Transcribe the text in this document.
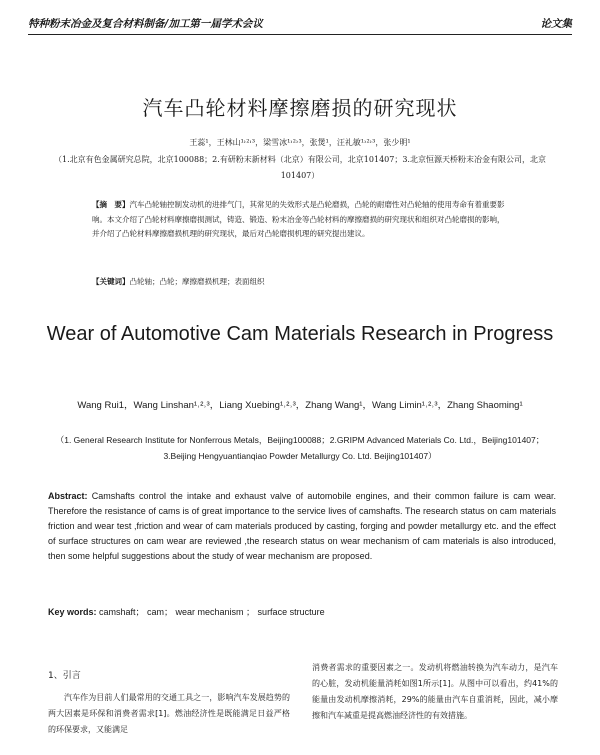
特种粉末冶金及复合材料制备/加工第一届学术会议	论文集
汽车凸轮材料摩擦磨损的研究现状
王蕊¹，王林山¹˒²˒³，梁雪冰¹˒²˒³，张煲¹，汪礼敏¹˒²˒³，张少明¹
（1.北京有色金属研究总院，北京100088；2.有研粉末新材料（北京）有限公司，北京101407；3.北京恒源天桥粉末冶金有限公司，北京101407）
【摘　要】汽车凸轮轴控制发动机的进排气门，其常见的失效形式是凸轮磨损，凸轮的耐磨性对凸轮轴的使用寿命有着重要影响。本文介绍了凸轮材料摩擦磨损测试，铸造、锻造、粉末冶金等凸轮材料的摩擦磨损的研究现状和组织对凸轮磨损的影响，并介绍了凸轮材料摩擦磨损机理的研究现状，最后对凸轮磨损机理的研究提出建议。
【关键词】凸轮轴；凸轮；摩擦磨损机理；表面组织
Wear of Automotive Cam Materials Research in Progress
Wang Rui1，Wang Linshan¹˒²˒³，Liang Xuebing¹˒²˒³，Zhang Wang¹，Wang Limin¹˒²˒³，Zhang Shaoming¹
（1. General Research Institute for Nonferrous Metals，Beijing100088；2.GRIPM Advanced Materials Co. Ltd.，Beijing101407；3.Beijing Hengyuantianqiao Powder Metallurgy Co. Ltd. Beijing101407）
Abstract: Camshafts control the intake and exhaust valve of automobile engines, and their common failure is cam wear. Therefore the resistance of cams is of great importance to the service lives of camshafts. The research status on cam materials friction and wear test ,friction and wear of cam materials produced by casting, forging and powder metallurgy etc. and the effect of surface structures on cam wear are reviewed ,the research status on wear mechanism of cam materials is also introduced, then some helpful suggestions about the study of wear mechanism are proposed.
Key words: camshaft； cam； wear mechanism ； surface structure
1、引言

汽车作为目前人们最常用的交通工具之一，影响汽车发展趋势的两大因素是环保和消费者需求[1]。燃油经济性是既能满足日益严格的环保要求，又能满足

消费者需求的重要因素之一。发动机将燃油转换为汽车动力，是汽车的心脏，发动机能量消耗如图1所示[1]。从图中可以看出，约41%的能量由发动机摩擦消耗，29%的能量由汽车自重消耗，因此，减小摩擦和汽车减重是提高燃油经济性的有效措施。
